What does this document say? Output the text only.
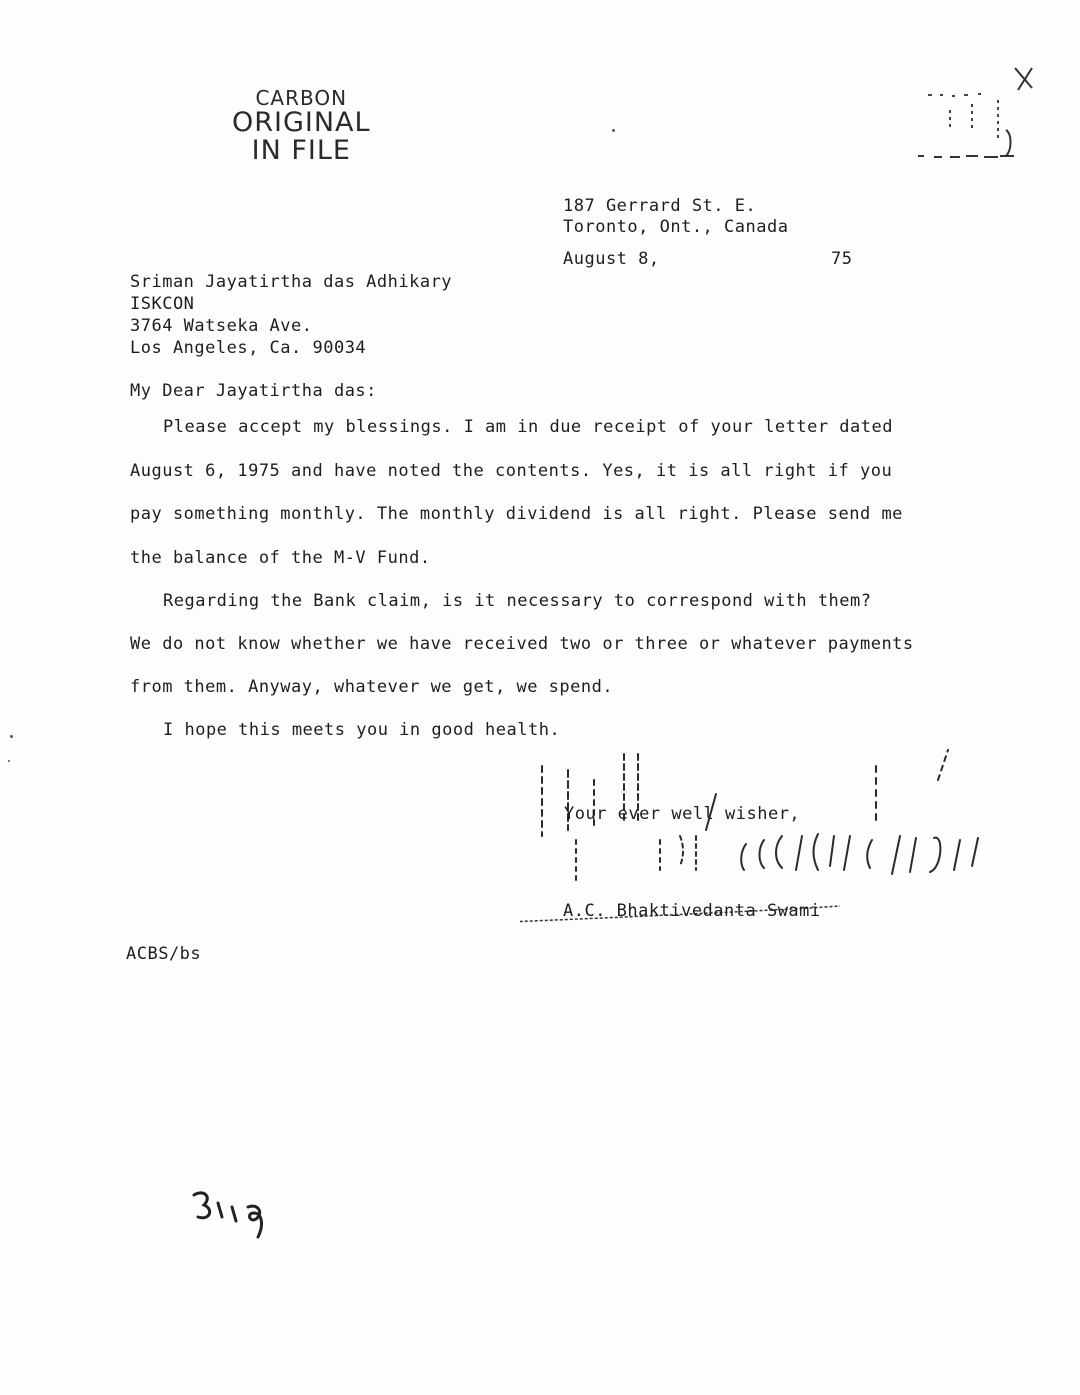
CARBON
ORIGINAL
IN FILE
187 Gerrard St. E.
Toronto, Ont., Canada
August 8,	75
Sriman Jayatirtha das Adhikary
ISKCON
3764 Watseka Ave.
Los Angeles, Ca. 90034
My Dear Jayatirtha das:
Please accept my blessings. I am in due receipt of your letter dated
August 6, 1975 and have noted the contents. Yes, it is all right if you
pay something monthly. The monthly dividend is all right. Please send me
the balance of the M-V Fund.
Regarding the Bank claim, is it necessary to correspond with them?
We do not know whether we have received two or three or whatever payments
from them. Anyway, whatever we get, we spend.
I hope this meets you in good health.
Your ever well wisher,
A.C. Bhaktivedanta Swami
ACBS/bs
